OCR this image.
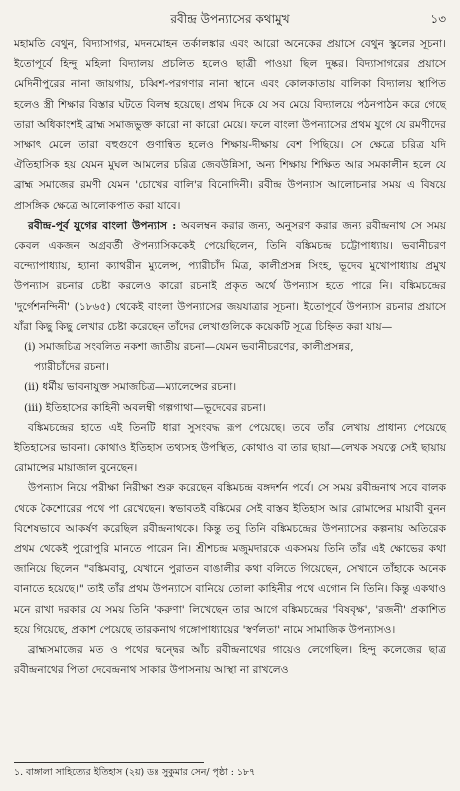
রবীন্দ্র উপন্যাসের কথামুখ	১৩

মহামতি বেথুন, বিদ্যাসাগর, মদনমোহন তর্কালঙ্কার এবং আরো অনেকের প্রয়াসে বেথুন স্কুলের সূচনা। ইতোপূর্বে হিন্দু মহিলা বিদ্যালয় প্রচলিত হলেও ছাত্রী পাওয়া ছিল দুষ্কর। বিদ্যাসাগরের প্রয়াসে মেদিনীপুরের নানা জায়গায়, চব্বিশ-পরগণার নানা স্থানে এবং কোলকাতায় বালিকা বিদ্যালয় স্থাপিত হলেও স্ত্রী শিক্ষার বিস্তার ঘটতে বিলম্ব হয়েছে। প্রথম দিকে যে সব মেয়ে বিদ্যালয়ে পঠনপাঠন করে গেছে তারা অধিকাংশই ব্রাহ্ম সমাজভুক্ত কারো না কারো মেয়ে। ফলে বাংলা উপন্যাসের প্রথম যুগে যে রমণীদের সাক্ষাৎ মেলে তারা বহুগুণে গুণান্বিত হলেও শিক্ষায়-দীক্ষায় বেশ পিছিয়ে। সে ক্ষেত্রে চরিত্র যদি ঐতিহাসিক হয় যেমন মুঘল আমলের চরিত্র জেবউন্নিসা, অন্য শিক্ষায় শিক্ষিত আর সমকালীন হলে যে ব্রাহ্ম সমাজের রমণী যেমন 'চোখের বালি'র বিনোদিনী। রবীন্দ্র উপন্যাস আলোচনার সময় এ বিষয়ে প্রাসঙ্গিক ক্ষেত্রে আলোকপাত করা যাবে।

রবীন্দ্র-পূর্ব যুগের বাংলা উপন্যাস : অবলম্বন করার জন্য, অনুসরণ করার জন্য রবীন্দ্রনাথ সে সময় কেবল একজন অগ্রবর্তী ঔপন্যাসিককেই পেয়েছিলেন, তিনি বঙ্কিমচন্দ্র চট্টোপাধ্যায়। ভবানীচরণ বন্দ্যোপাধ্যায়, হ্যানা ক্যাথরীন ম্যুলেন্স, প্যারীচাঁদ মিত্র, কালীপ্রসন্ন সিংহ, ভূদেব মুখোপাধ্যায় প্রমুখ উপন্যাস রচনার চেষ্টা করলেও কারো রচনাই প্রকৃত অর্থে উপন্যাস হতে পারে নি। বঙ্কিমচন্দ্রের 'দুর্গেশনন্দিনী' (১৮৬৫) থেকেই বাংলা উপন্যাসের জয়যাত্রার সূচনা। ইতোপূর্বে উপন্যাস রচনার প্রয়াসে যাঁরা কিছু কিছু লেখার চেষ্টা করেছেন তাঁদের লেখাগুলিকে কয়েকটি সূত্রে চিহ্নিত করা যায়—

(i) সমাজচিত্র সংবলিত নকশা জাতীয় রচনা—যেমন ভবানীচরণের, কালীপ্রসন্নর,
প্যারীচাঁদের রচনা।
(ii) ধর্মীয় ভাবনাযুক্ত সমাজচিত্র—ম্যালেন্সের রচনা।
(iii) ইতিহাসের কাহিনী অবলম্বী গল্পগাথা—ভূদেবের রচনা।

বঙ্কিমচন্দ্রের হাতে এই তিনটি ধারা সুসংবদ্ধ রূপ পেয়েছে। তবে তাঁর লেখায় প্রাধান্য পেয়েছে ইতিহাসের ভাবনা। কোথাও ইতিহাস তথ্যসহ উপস্থিত, কোথাও বা তার ছায়া—লেখক সযত্নে সেই ছায়ায় রোমান্সের মায়াজাল বুনেছেন।

উপন্যাস নিয়ে পরীক্ষা নিরীক্ষা শুরু করেছেন বঙ্কিমচন্দ্র বঙ্গদর্শন পর্বে। সে সময় রবীন্দ্রনাথ সবে বালক থেকে কৈশোরের পথে পা রেখেছেন। স্বভাবতই বঙ্কিমের সেই বাস্তব ইতিহাস আর রোমান্সের মায়াবী বুনন বিশেষভাবে আকর্ষণ করেছিল রবীন্দ্রনাথকে। কিন্তু তবু তিনি বঙ্কিমচন্দ্রের উপন্যাসের কল্পনায় অতিরেক প্রথম থেকেই পুরোপুরি মানতে পারেন নি। শ্রীশচন্দ্র মজুমদারকে একসময় তিনি তাঁর এই ক্ষোভের কথা জানিয়ে ছিলেন "বঙ্কিমবাবু, যেখানে পুরাতন বাঙালীর কথা বলিতে গিয়েছেন, সেখানে তাঁহাকে অনেক বানাতে হয়েছে।" তাই তাঁর প্রথম উপন্যাসে বানিয়ে তোলা কাহিনীর পথে এগোন নি তিনি। কিন্তু একথাও মনে রাখা দরকার যে সময় তিনি 'করুণা' লিখেছেন তার আগে বঙ্কিমচন্দ্রের 'বিষবৃক্ষ', 'রজনী' প্রকাশিত হয়ে গিয়েছে, প্রকাশ পেয়েছে তারকনাথ গঙ্গোপাধ্যায়ের 'স্বর্ণলতা' নামে সামাজিক উপন্যাসও।

ব্রাহ্মসমাজের মত ও পথের দ্বন্দ্বের আঁচ রবীন্দ্রনাথের গায়েও লেগেছিল। হিন্দু কলেজের ছাত্র রবীন্দ্রনাথের পিতা দেবেন্দ্রনাথ সাকার উপাসনায় আস্থা না রাখলেও

১. বাঙ্গালা সাহিত্যের ইতিহাস (২য়) ডঃ সুকুমার সেন/ পৃষ্ঠা : ১৮৭
